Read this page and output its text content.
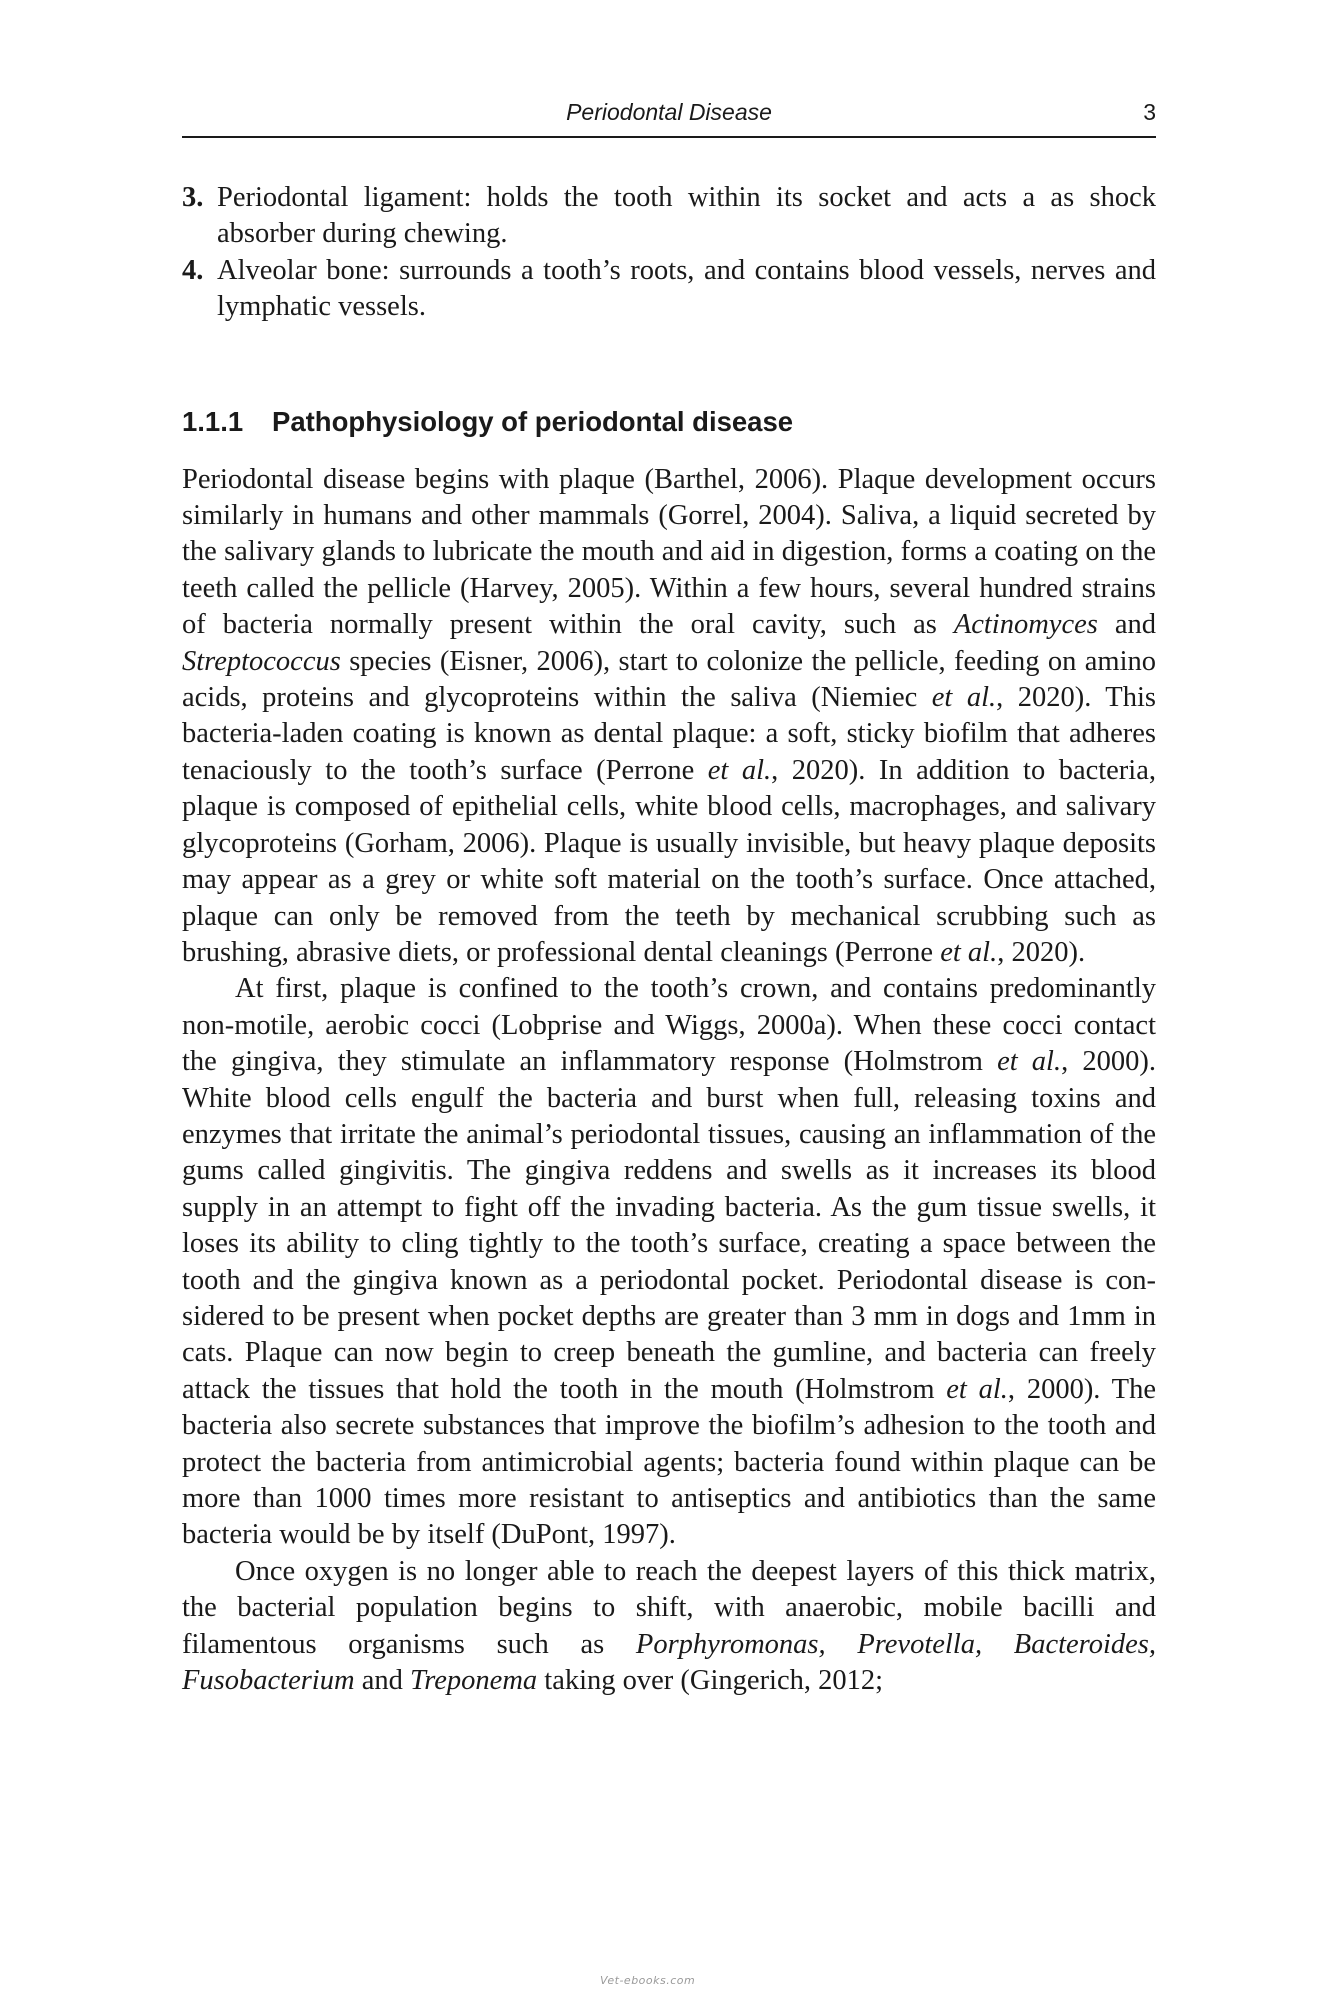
Periodontal Disease	3
3. Periodontal ligament: holds the tooth within its socket and acts a as shock absorber during chewing.
4. Alveolar bone: surrounds a tooth’s roots, and contains blood vessels, nerves and lymphatic vessels.
1.1.1 Pathophysiology of periodontal disease

Periodontal disease begins with plaque (Barthel, 2006). Plaque development occurs similarly in humans and other mammals (Gorrel, 2004). Saliva, a liquid secreted by the salivary glands to lubricate the mouth and aid in digestion, forms a coating on the teeth called the pellicle (Harvey, 2005). Within a few hours, several hundred strains of bacteria normally present within the oral cavity, such as Actinomyces and Streptococcus species (Eisner, 2006), start to colonize the pellicle, feeding on amino acids, proteins and glycoproteins within the saliva (Niemiec et al., 2020). This bacteria-laden coating is known as dental plaque: a soft, sticky biofilm that adheres tenaciously to the tooth’s surface (Perrone et al., 2020). In addition to bacteria, plaque is composed of epithelial cells, white blood cells, macrophages, and salivary glycoproteins (Gorham, 2006). Plaque is usually invisible, but heavy plaque deposits may appear as a grey or white soft material on the tooth’s surface. Once attached, plaque can only be removed from the teeth by mechanical scrubbing such as brushing, abrasive diets, or professional dental cleanings (Perrone et al., 2020).

At first, plaque is confined to the tooth’s crown, and contains predominantly non-motile, aerobic cocci (Lobprise and Wiggs, 2000a). When these cocci contact the gingiva, they stimulate an inflammatory response (Holmstrom et al., 2000). White blood cells engulf the bacteria and burst when full, releasing toxins and enzymes that irritate the animal’s periodontal tissues, causing an inflammation of the gums called gingivitis. The gingiva reddens and swells as it increases its blood supply in an attempt to fight off the invading bacteria. As the gum tissue swells, it loses its ability to cling tightly to the tooth’s surface, creating a space between the tooth and the gingiva known as a periodontal pocket. Periodontal disease is considered to be present when pocket depths are greater than 3 mm in dogs and 1mm in cats. Plaque can now begin to creep beneath the gumline, and bacteria can freely attack the tissues that hold the tooth in the mouth (Holmstrom et al., 2000). The bacteria also secrete substances that improve the biofilm’s adhesion to the tooth and protect the bacteria from antimicrobial agents; bacteria found within plaque can be more than 1000 times more resistant to antiseptics and antibiotics than the same bacteria would be by itself (DuPont, 1997).

Once oxygen is no longer able to reach the deepest layers of this thick matrix, the bacterial population begins to shift, with anaerobic, mobile bacilli and filamentous organisms such as Porphyromonas, Prevotella, Bacteroides, Fusobacterium and Treponema taking over (Gingerich, 2012;

Vet-ebooks.com
